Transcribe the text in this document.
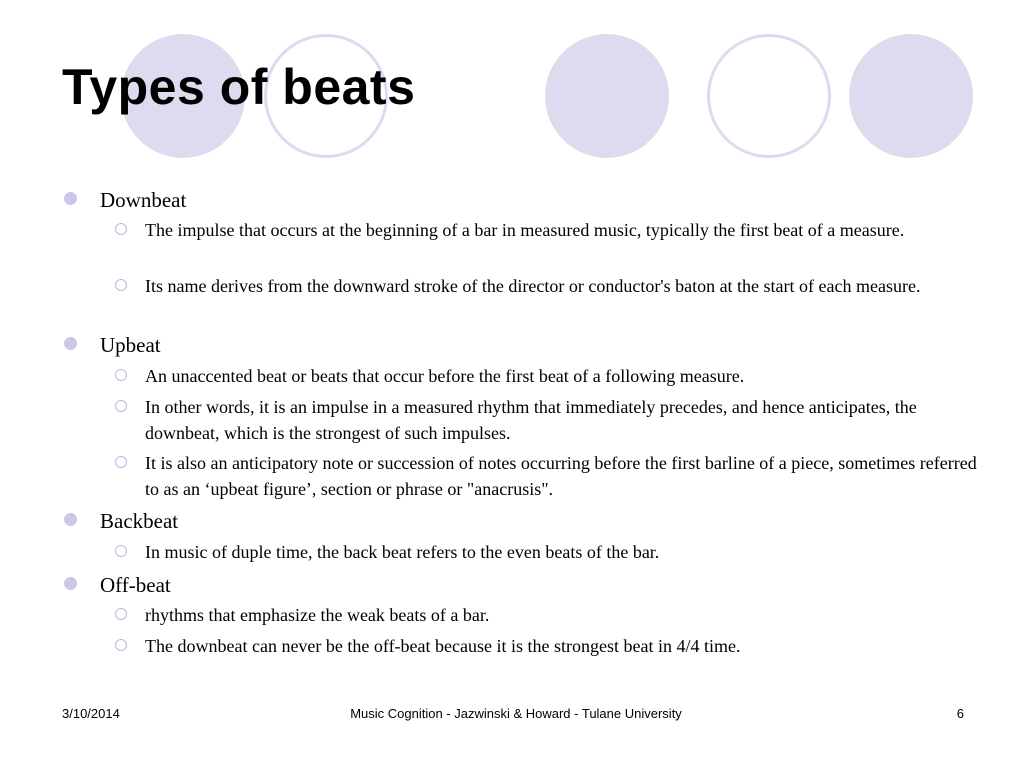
Types of beats
Downbeat
The impulse that occurs at the beginning of a bar in measured music, typically the first beat of a measure.
Its name derives from the downward stroke of the director or conductor's baton at the start of each measure.
Upbeat
An unaccented beat or beats that occur before the first beat of a following measure.
In other words, it is an impulse in a measured rhythm that immediately precedes, and hence anticipates, the downbeat, which is the strongest of such impulses.
It is also an anticipatory note or succession of notes occurring before the first barline of a piece, sometimes referred to as an ‘upbeat figure’, section or phrase or "anacrusis".
Backbeat
In music of duple time, the back beat refers to the even beats of the bar.
Off-beat
rhythms that emphasize the weak beats of a bar.
The downbeat can never be the off-beat because it is the strongest beat in 4/4 time.
3/10/2014	Music Cognition - Jazwinski & Howard - Tulane University	6
